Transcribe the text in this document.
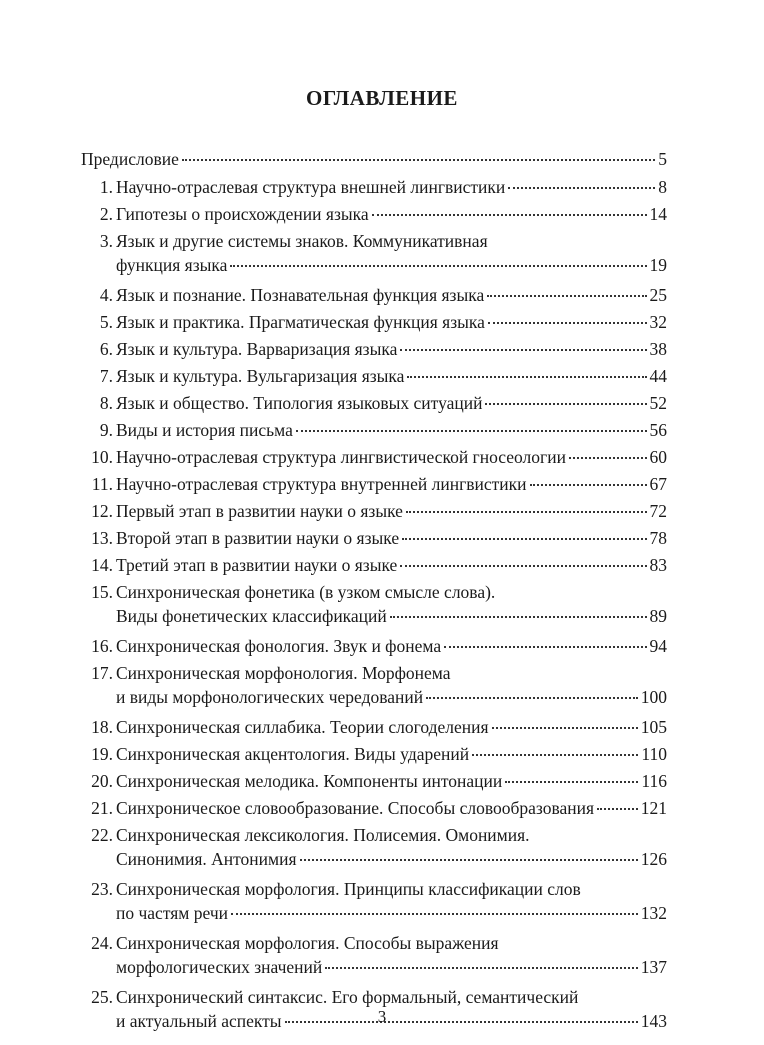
ОГЛАВЛЕНИЕ
Предисловие	5
1. Научно-отраслевая структура внешней лингвистики	8
2. Гипотезы о происхождении языка	14
3. Язык и другие системы знаков. Коммуникативная
функция языка	19
4. Язык и познание. Познавательная функция языка	25
5. Язык и практика. Прагматическая функция языка	32
6. Язык и культура. Варваризация языка	38
7. Язык и культура. Вульгаризация языка	44
8. Язык и общество. Типология языковых ситуаций	52
9. Виды и история письма	56
10. Научно-отраслевая структура лингвистической гносеологии	60
11. Научно-отраслевая структура внутренней лингвистики	67
12. Первый этап в развитии науки о языке	72
13. Второй этап в развитии науки о языке	78
14. Третий этап в развитии науки о языке	83
15. Синхроническая фонетика (в узком смысле слова).
Виды фонетических классификаций	89
16. Синхроническая фонология. Звук и фонема	94
17. Синхроническая морфонология. Морфонема
и виды морфонологических чередований	100
18. Синхроническая силлабика. Теории слогоделения	105
19. Синхроническая акцентология. Виды ударений	110
20. Синхроническая мелодика. Компоненты интонации	116
21. Синхроническое словообразование. Способы словообразования	121
22. Синхроническая лексикология. Полисемия. Омонимия.
Синонимия. Антонимия	126
23. Синхроническая морфология. Принципы классификации слов
по частям речи	132
24. Синхроническая морфология. Способы выражения
морфологических значений	137
25. Синхронический синтаксис. Его формальный, семантический
и актуальный аспекты	143
3
